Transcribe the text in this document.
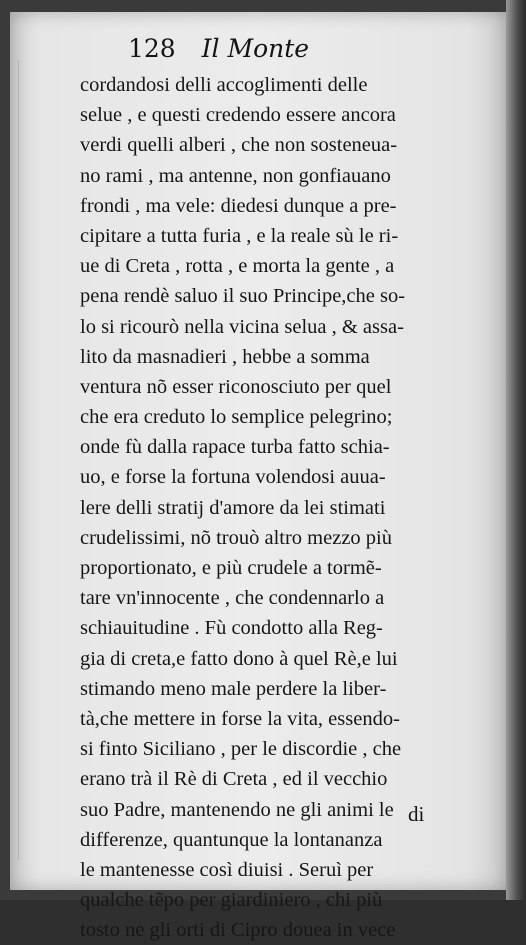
128 Il Monte
cordandosi delli accoglimenti delle
selue , e questi credendo essere ancora
verdi quelli alberi , che non sosteneua-
no rami , ma antenne, non gonfiauano
frondi , ma vele: diedesi dunque a pre-
cipitare a tutta furia , e la reale sù le ri-
ue di Creta , rotta , e morta la gente , a
pena rendè saluo il suo Principe,che so-
lo si ricourò nella vicina selua , & assa-
lito da masnadieri , hebbe a somma
ventura nõ esser riconosciuto per quel
che era creduto lo semplice pelegrino;
onde fù dalla rapace turba fatto schia-
uo, e forse la fortuna volendosi auua-
lere delli stratij d'amore da lei stimati
crudelissimi, nõ trouò altro mezzo più
proportionato, e più crudele a tormẽ-
tare vn'innocente , che condennarlo a
schiauitudine . Fù condotto alla Reg-
gia di creta,e fatto dono à quel Rè,e lui
stimando meno male perdere la liber-
tà,che mettere in forse la vita, essendo-
si finto Siciliano , per le discordie , che
erano trà il Rè di Creta , ed il vecchio
suo Padre, mantenendo ne gli animi le
differenze, quantunque la lontananza
le mantenesse così diuisi . Seruì per
qualche tẽpo per giardiniero , chi più
tosto ne gli orti di Cipro douea in vece
di
